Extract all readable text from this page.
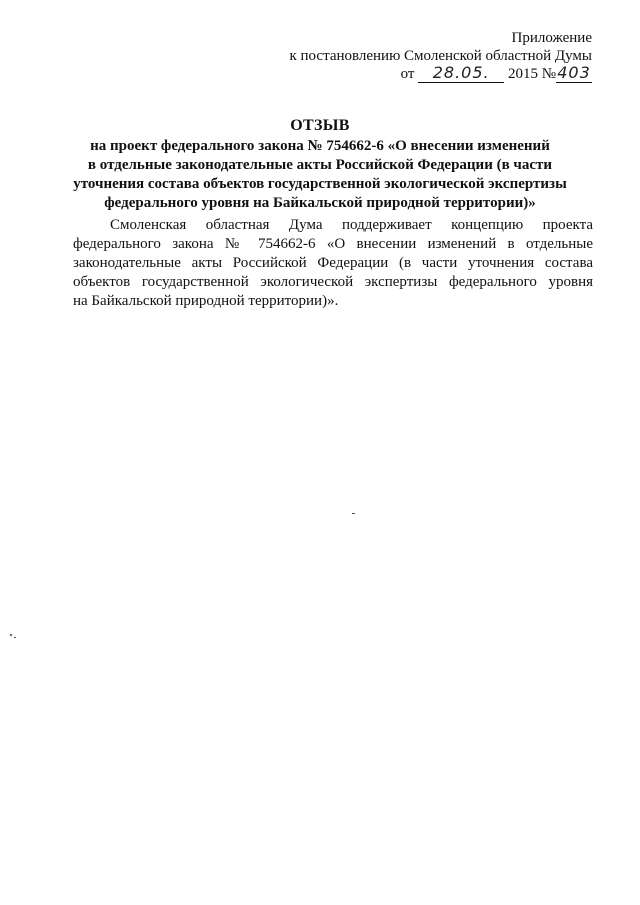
Приложение
к постановлению Смоленской областной Думы
от 28.05. 2015 №403
ОТЗЫВ
на проект федерального закона № 754662-6 «О внесении изменений
в отдельные законодательные акты Российской Федерации (в части
уточнения состава объектов государственной экологической экспертизы
федерального уровня на Байкальской природной территории)»
Смоленская областная Дума поддерживает концепцию проекта
федерального закона № 754662-6 «О внесении изменений в отдельные
законодательные акты Российской Федерации (в части уточнения состава
объектов государственной экологической экспертизы федерального уровня
на Байкальской природной территории)».
